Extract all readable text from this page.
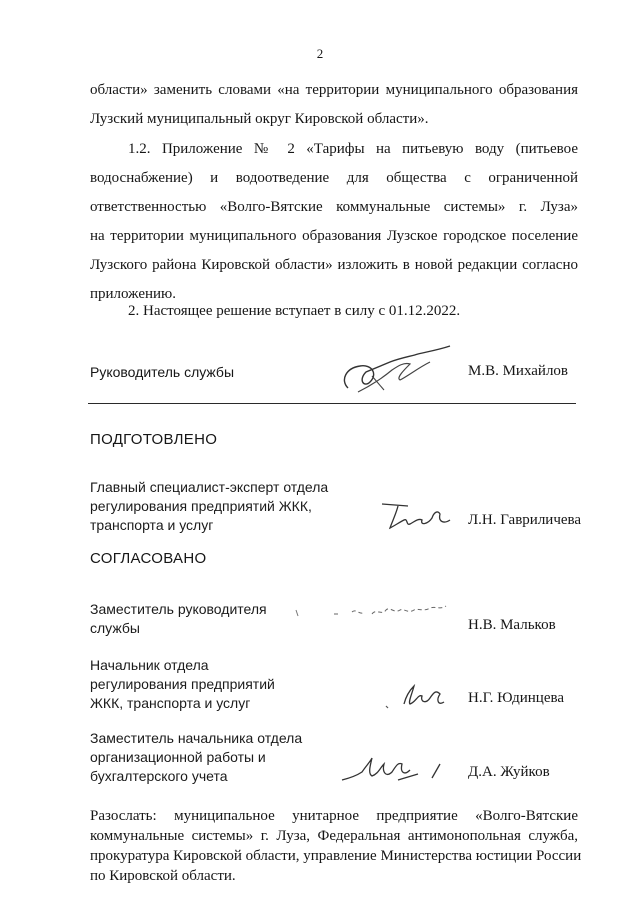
2
области» заменить словами «на территории муниципального образования
Лузский муниципальный округ Кировской области».
1.2. Приложение № 2 «Тарифы на питьевую воду (питьевое
водоснабжение) и водоотведение для общества с ограниченной
ответственностью «Волго-Вятские коммунальные системы» г. Луза»
на территории муниципального образования Лузское городское поселение
Лузского района Кировской области» изложить в новой редакции согласно
приложению.
2. Настоящее решение вступает в силу с 01.12.2022.
Руководитель службы	М.В. Михайлов
ПОДГОТОВЛЕНО
Главный специалист-эксперт отдела
регулирования предприятий ЖКК,
транспорта и услуг	Л.Н. Гавриличева
СОГЛАСОВАНО
Заместитель руководителя
службы	Н.В. Мальков
Начальник отдела
регулирования предприятий
ЖКК, транспорта и услуг	Н.Г. Юдинцева
Заместитель начальника отдела
организационной работы и
бухгалтерского учета	Д.А. Жуйков
Разослать: муниципальное унитарное предприятие «Волго-Вятские
коммунальные системы» г. Луза, Федеральная антимонопольная служба,
прокуратура Кировской области, управление Министерства юстиции России
по Кировской области.
